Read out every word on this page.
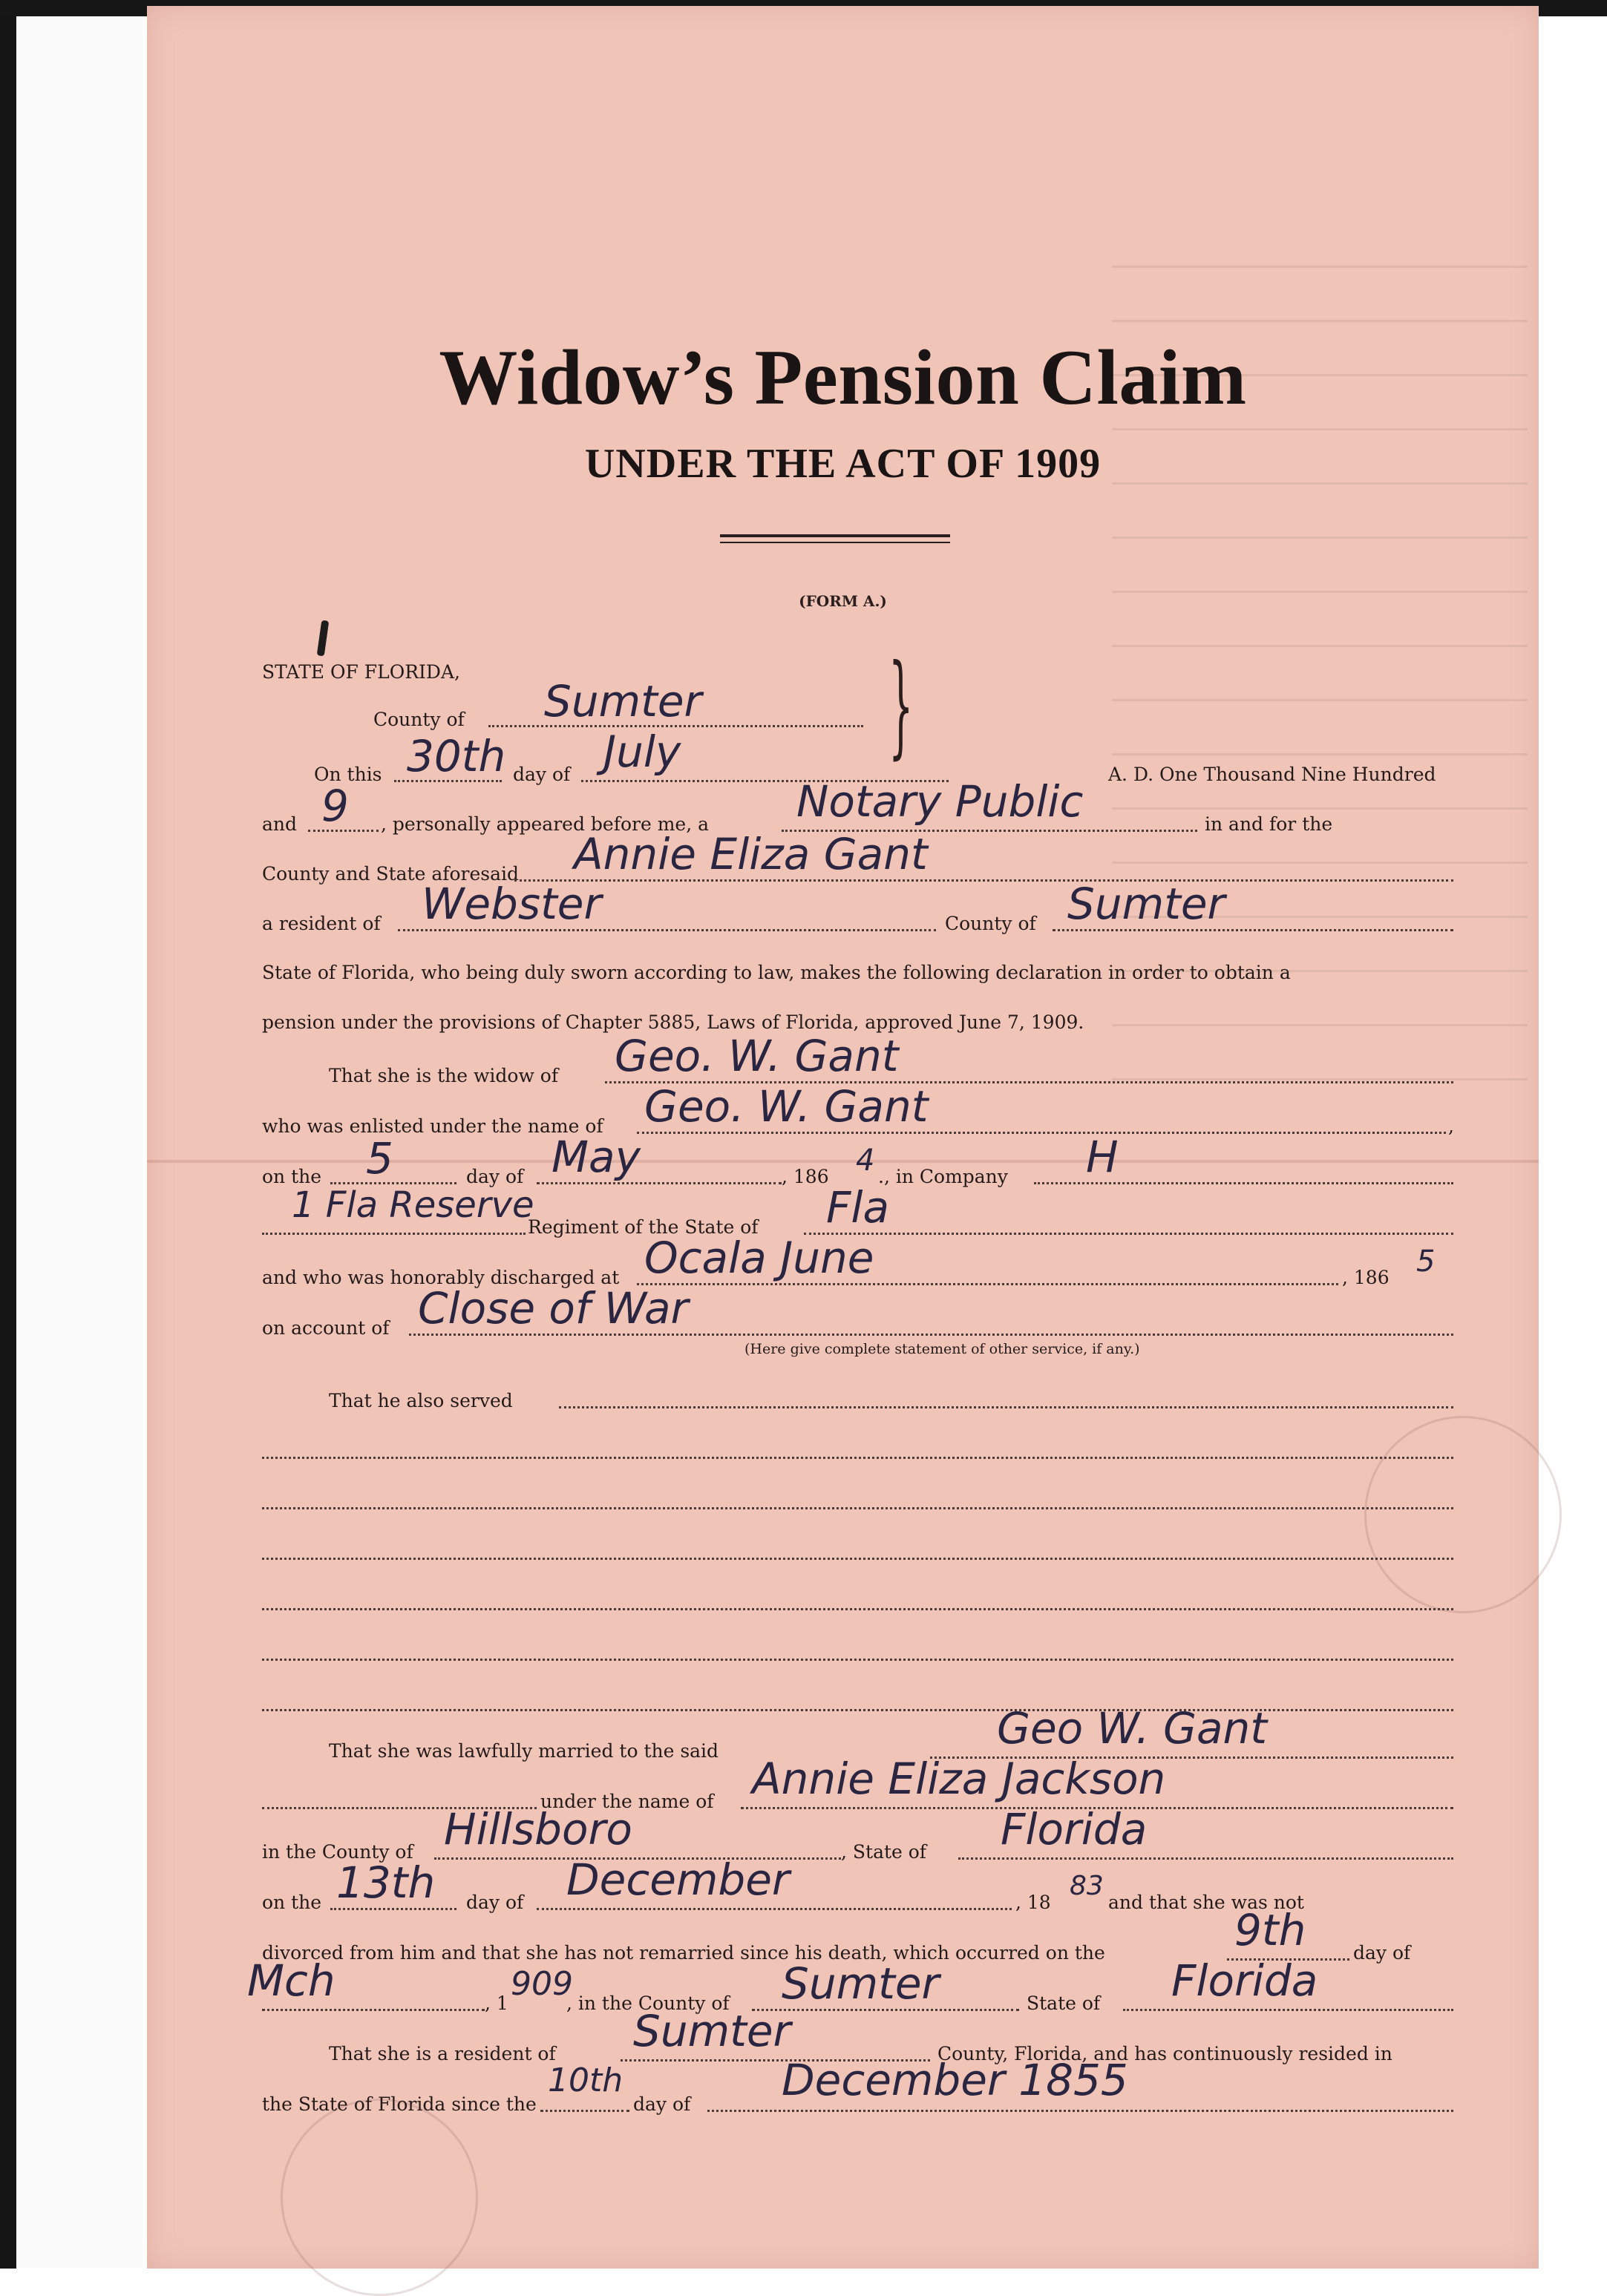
Widow’s Pension Claim
UNDER THE ACT OF 1909
(FORM A.)
STATE OF FLORIDA,
County of Sumter }
On this 30th day of July	A. D. One Thousand Nine Hundred
and 9 , personally appeared before me, a Notary Public	in and for the
County and State aforesaid Annie Eliza Gant
a resident of Webster	County of Sumter
State of Florida, who being duly sworn according to law, makes the following declaration in order to obtain a
pension under the provisions of Chapter 5885, Laws of Florida, approved June 7, 1909.
That she is the widow of Geo. W. Gant
who was enlisted under the name of Geo. W. Gant	,
on the 5	day of May	, 186 4 ., in Company H
1 Fla Reserve
Regiment of the State of Fla
and who was honorably discharged at Ocala June	, 186 5
on account of Close of War
(Here give complete statement of other service, if any.)
That he also served
That she was lawfully married to the said	Geo W. Gant
under the name of Annie Eliza Jackson
in the County of Hillsboro	, State of Florida
on the 13th day of December	, 18
83
and that she was not
divorced from him and that she has not remarried since his death, which occurred on the	9th	day of
Mch	, 1
909
, in the County of Sumter	State of Florida
That she is a resident of Sumter	County, Florida, and has continuously resided in
the State of Florida since the
10th
day of December 1855
